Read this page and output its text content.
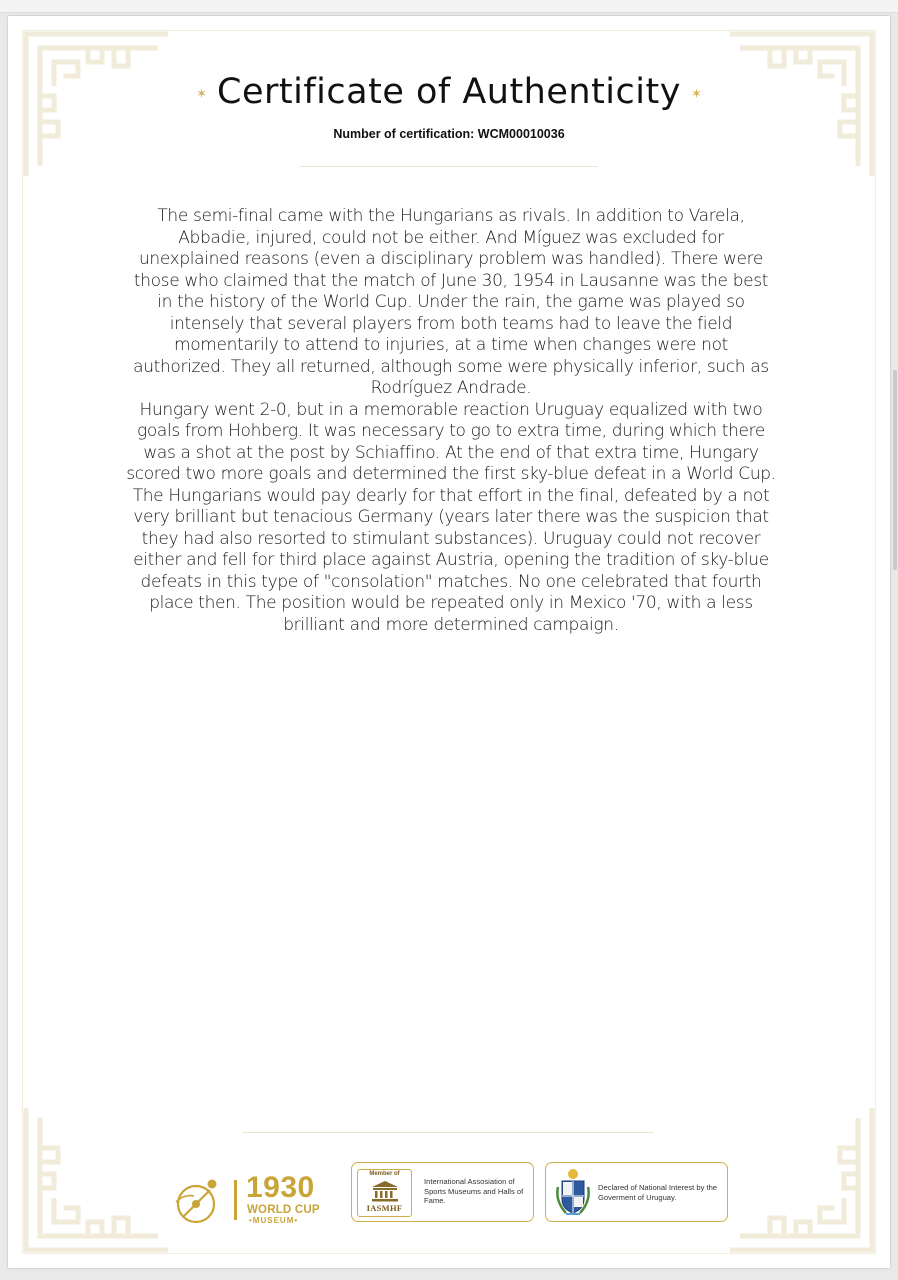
✶ Certificate of Authenticity ✶
Number of certification: WCM00010036

The semi-final came with the Hungarians as rivals. In addition to Varela, Abbadie, injured, could not be either. And Míguez was excluded for unexplained reasons (even a disciplinary problem was handled). There were those who claimed that the match of June 30, 1954 in Lausanne was the best in the history of the World Cup. Under the rain, the game was played so intensely that several players from both teams had to leave the field momentarily to attend to injuries, at a time when changes were not authorized. They all returned, although some were physically inferior, such as Rodríguez Andrade.

Hungary went 2-0, but in a memorable reaction Uruguay equalized with two goals from Hohberg. It was necessary to go to extra time, during which there was a shot at the post by Schiaffino. At the end of that extra time, Hungary scored two more goals and determined the first sky-blue defeat in a World Cup.

The Hungarians would pay dearly for that effort in the final, defeated by a not very brilliant but tenacious Germany (years later there was the suspicion that they had also resorted to stimulant substances). Uruguay could not recover either and fell for third place against Austria, opening the tradition of sky-blue defeats in this type of "consolation" matches. No one celebrated that fourth place then. The position would be repeated only in Mexico '70, with a less brilliant and more determined campaign.

1930
WORLD CUP
•MUSEUM•
Member of
IASMHF
International Assosiation of Sports Museums and Halls of Fame.
Declared of National Interest by the Goverment of Uruguay.
